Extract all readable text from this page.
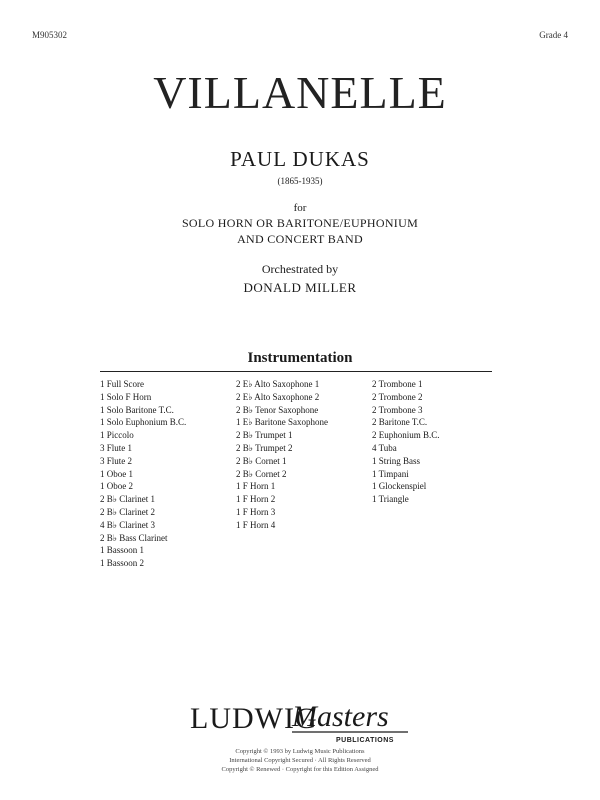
M905302	Grade 4
VILLANELLE
PAUL DUKAS
(1865-1935)
for
SOLO HORN OR BARITONE/EUPHONIUM
AND CONCERT BAND
Orchestrated by
DONALD MILLER
Instrumentation
1 Full Score
1 Solo F Horn
1 Solo Baritone T.C.
1 Solo Euphonium B.C.
1 Piccolo
3 Flute 1
3 Flute 2
1 Oboe 1
1 Oboe 2
2 B♭ Clarinet 1
2 B♭ Clarinet 2
4 B♭ Clarinet 3
2 B♭ Bass Clarinet
1 Bassoon 1
1 Bassoon 2
2 E♭ Alto Saxophone 1
2 E♭ Alto Saxophone 2
2 B♭ Tenor Saxophone
1 E♭ Baritone Saxophone
2 B♭ Trumpet 1
2 B♭ Trumpet 2
2 B♭ Cornet 1
2 B♭ Cornet 2
1 F Horn 1
1 F Horn 2
1 F Horn 3
1 F Horn 4
2 Trombone 1
2 Trombone 2
2 Trombone 3
2 Baritone T.C.
2 Euphonium B.C.
4 Tuba
1 String Bass
1 Timpani
1 Glockenspiel
1 Triangle
LUDWIG
Masters
PUBLICATIONS
Copyright © 1993 by Ludwig Music Publications
International Copyright Secured · All Rights Reserved
Copyright © Renewed · Copyright for this Edition Assigned
